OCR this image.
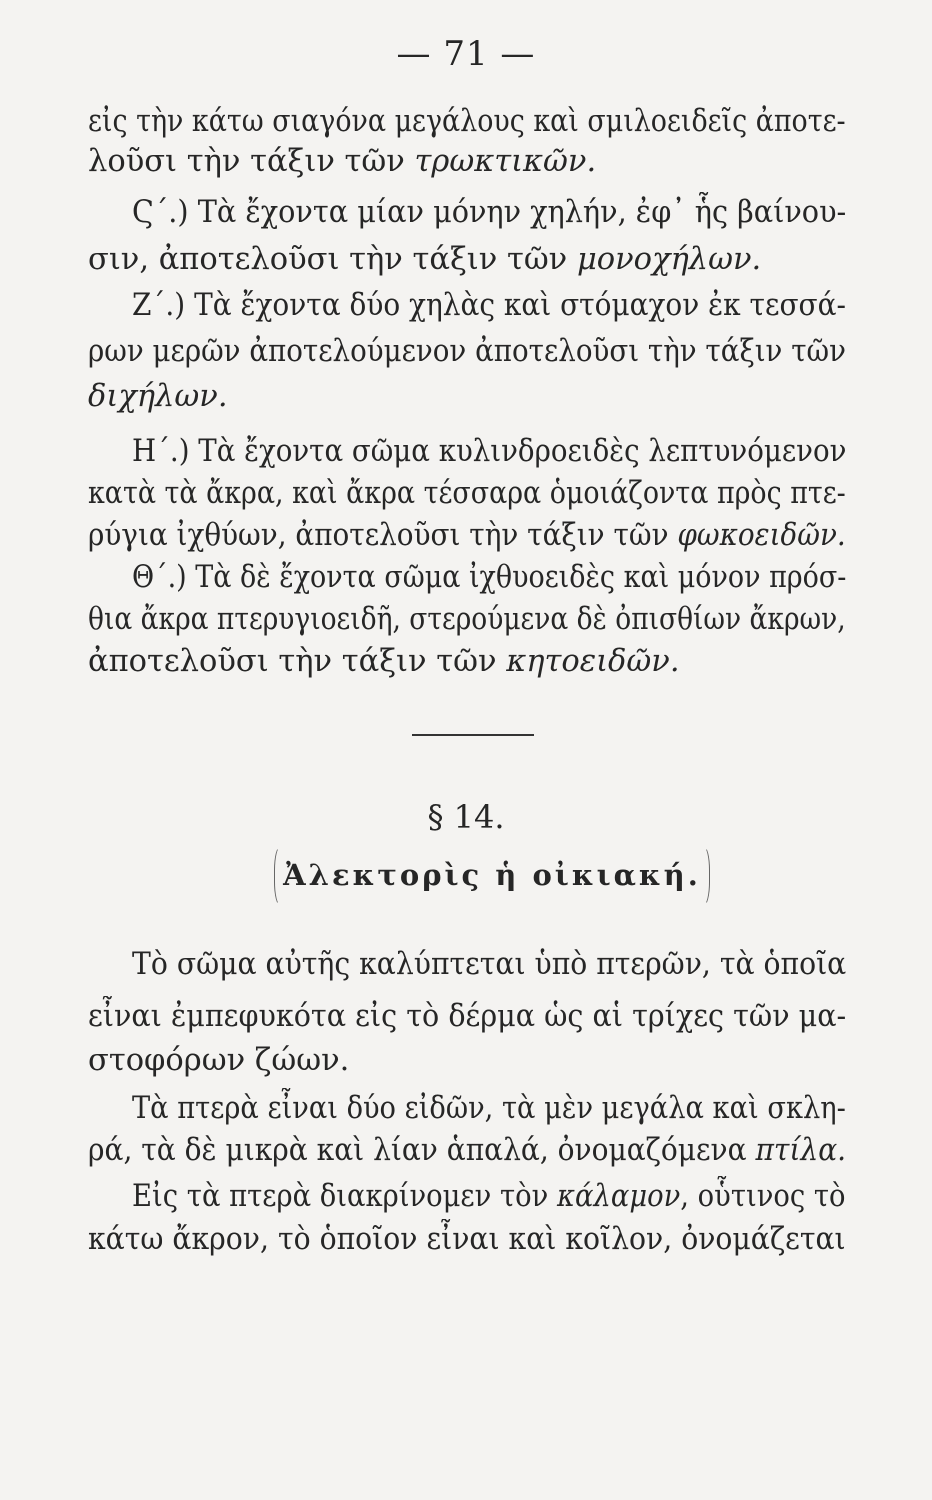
— 71 —
εἰς τὴν κάτω σιαγόνα μεγάλους καὶ σμιλοειδεῖς ἀποτε-
λοῦσι τὴν τάξιν τῶν τρωκτικῶν.
Ϛ΄.) Τὰ ἔχοντα μίαν μόνην χηλήν, ἐφ᾽ ἧς βαίνου-
σιν, ἀποτελοῦσι τὴν τάξιν τῶν μονοχήλων.
Ζ΄.) Τὰ ἔχοντα δύο χηλὰς καὶ στόμαχον ἐκ τεσσά-
ρων μερῶν ἀποτελούμενον ἀποτελοῦσι τὴν τάξιν τῶν
διχήλων.
Η΄.) Τὰ ἔχοντα σῶμα κυλινδροειδὲς λεπτυνόμενον
κατὰ τὰ ἄκρα, καὶ ἄκρα τέσσαρα ὁμοιάζοντα πρὸς πτε-
ρύγια ἰχθύων, ἀποτελοῦσι τὴν τάξιν τῶν φωκοειδῶν.
Θ΄.) Τὰ δὲ ἔχοντα σῶμα ἰχθυοειδὲς καὶ μόνον πρόσ-
θια ἄκρα πτερυγιοειδῆ, στερούμενα δὲ ὀπισθίων ἄκρων,
ἀποτελοῦσι τὴν τάξιν τῶν κητοειδῶν.
§ 14.
Ἀλεκτορὶς ἡ οἰκιακή.
Τὸ σῶμα αὐτῆς καλύπτεται ὑπὸ πτερῶν, τὰ ὁποῖα
εἶναι ἐμπεφυκότα εἰς τὸ δέρμα ὡς αἱ τρίχες τῶν μα-
στοφόρων ζώων.
Τὰ πτερὰ εἶναι δύο εἰδῶν, τὰ μὲν μεγάλα καὶ σκλη-
ρά, τὰ δὲ μικρὰ καὶ λίαν ἁπαλά, ὀνομαζόμενα πτίλα.
Εἰς τὰ πτερὰ διακρίνομεν τὸν κάλαμον, οὗτινος τὸ
κάτω ἄκρον, τὸ ὁποῖον εἶναι καὶ κοῖλον, ὀνομάζεται
